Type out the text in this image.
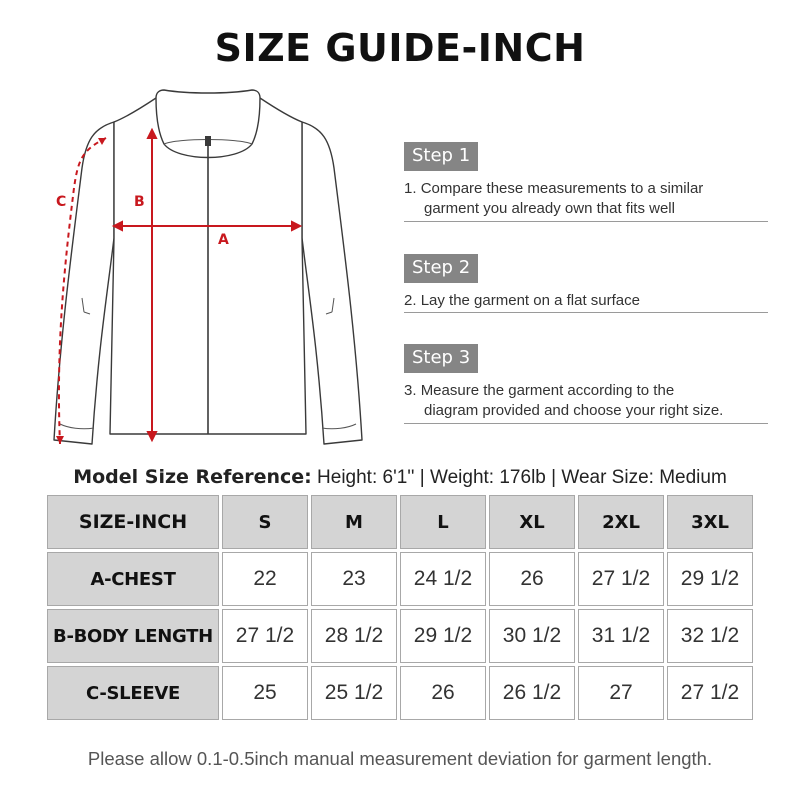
SIZE GUIDE-INCH
A
B
C
Step 1
1. Compare these measurements to a similar
garment you already own that fits well
Step 2
2. Lay the garment on a flat surface
Step 3
3. Measure the garment according to the
diagram provided and choose your right size.
Model Size Reference: Height: 6'1'' | Weight: 176lb | Wear Size: Medium
SIZE-INCH	S	M	L	XL	2XL	3XL
A-CHEST	22	23	24 1/2	26	27 1/2	29 1/2
B-BODY LENGTH	27 1/2	28 1/2	29 1/2	30 1/2	31 1/2	32 1/2
C-SLEEVE	25	25 1/2	26	26 1/2	27	27 1/2
Please allow 0.1-0.5inch manual measurement deviation for garment length.
